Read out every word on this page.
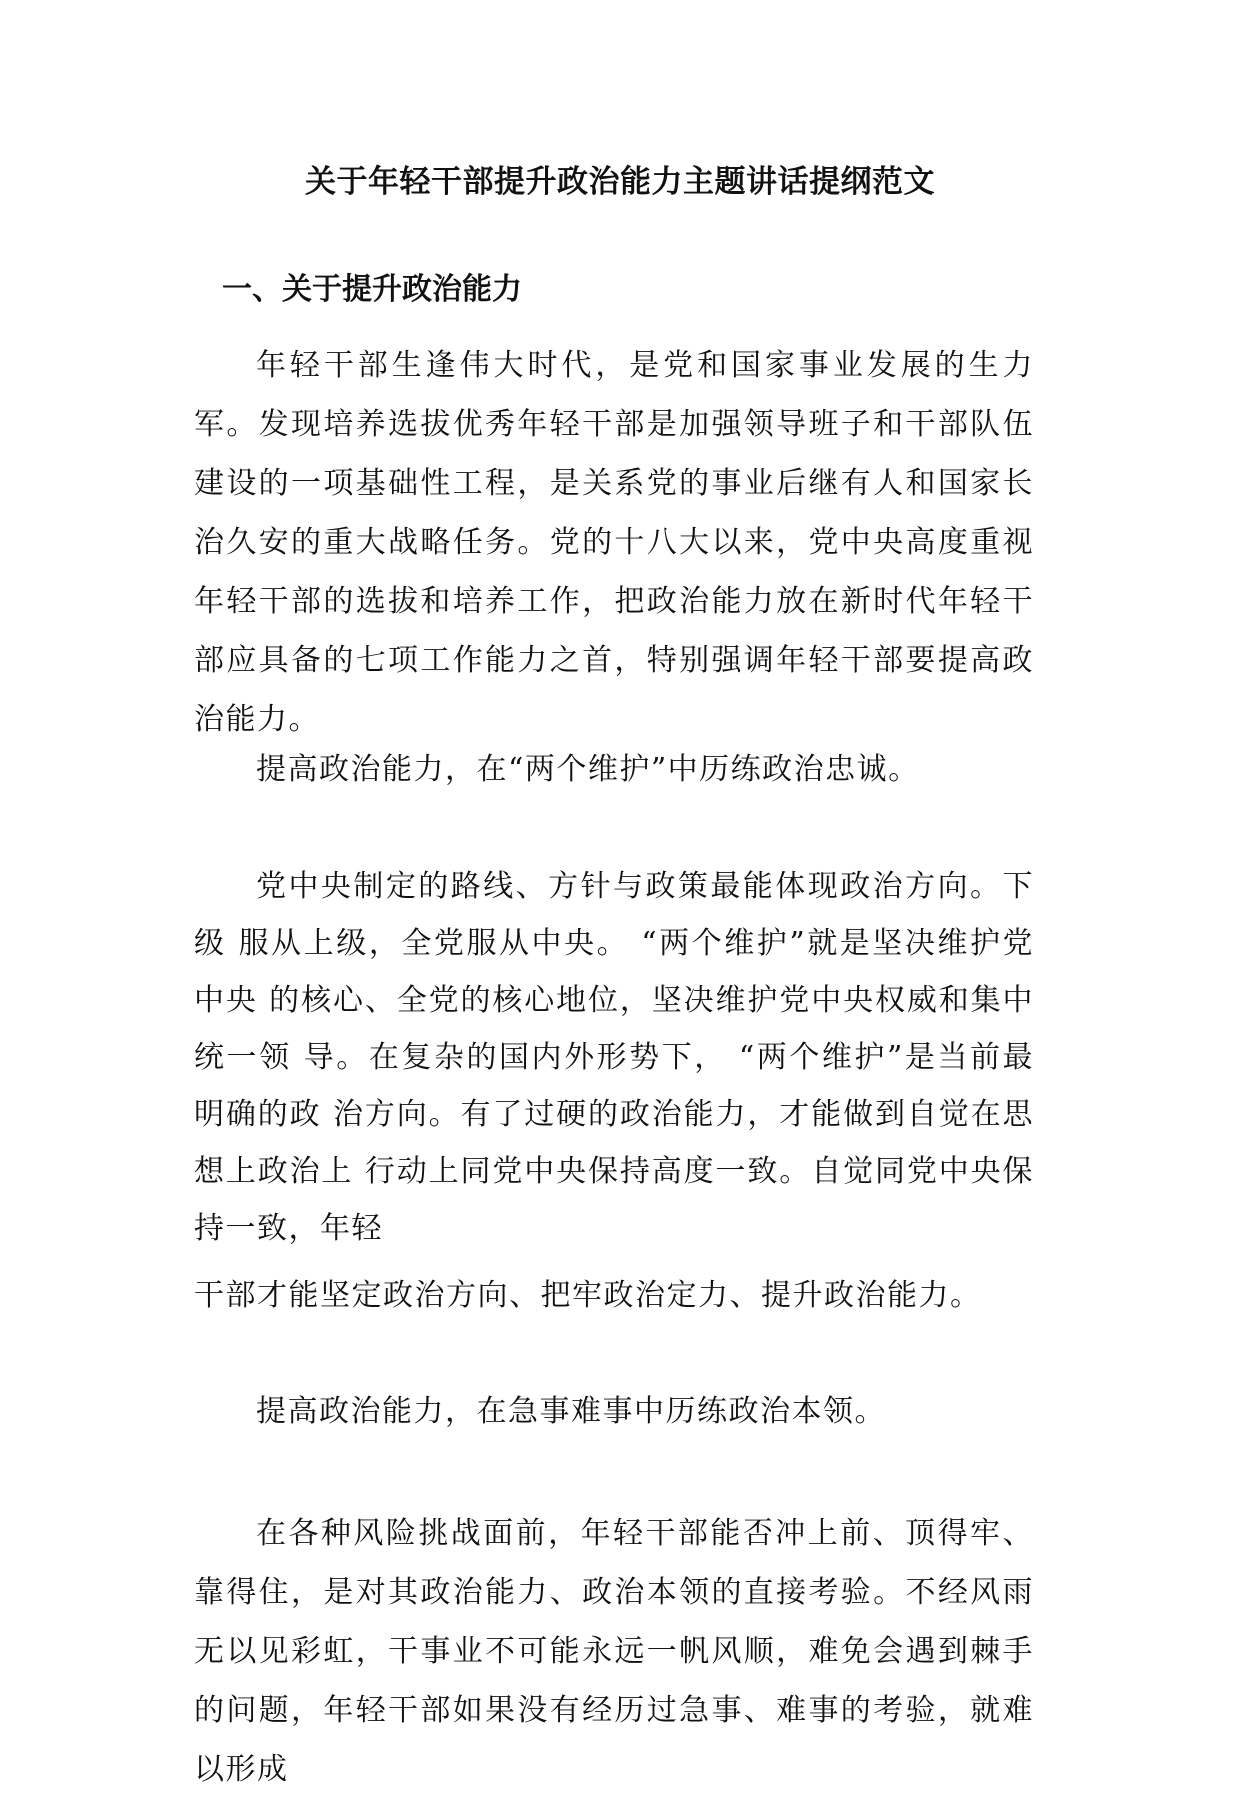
关于年轻干部提升政治能力主题讲话提纲范文
一、关于提升政治能力

年轻干部生逢伟大时代，是党和国家事业发展的生力军。发现培养选拔优秀年轻干部是加强领导班子和干部队伍建设的一项基础性工程，是关系党的事业后继有人和国家长治久安的重大战略任务。党的十八大以来，党中央高度重视年轻干部的选拔和培养工作，把政治能力放在新时代年轻干部应具备的七项工作能力之首，特别强调年轻干部要提高政治能力。

提高政治能力，在“两个维护”中历练政治忠诚。

党中央制定的路线、方针与政策最能体现政治方向。下级 服从上级，全党服从中央。 “两个维护”就是坚决维护党中央 的核心、全党的核心地位，坚决维护党中央权威和集中统一领 导。在复杂的国内外形势下， “两个维护”是当前最明确的政 治方向。有了过硬的政治能力，才能做到自觉在思想上政治上 行动上同党中央保持高度一致。自觉同党中央保持一致，年轻

干部才能坚定政治方向、把牢政治定力、提升政治能力。

提高政治能力，在急事难事中历练政治本领。

在各种风险挑战面前，年轻干部能否冲上前、顶得牢、靠得住，是对其政治能力、政治本领的直接考验。不经风雨无以见彩虹，干事业不可能永远一帆风顺，难免会遇到棘手的问题，年轻干部如果没有经历过急事、难事的考验，就难以形成
